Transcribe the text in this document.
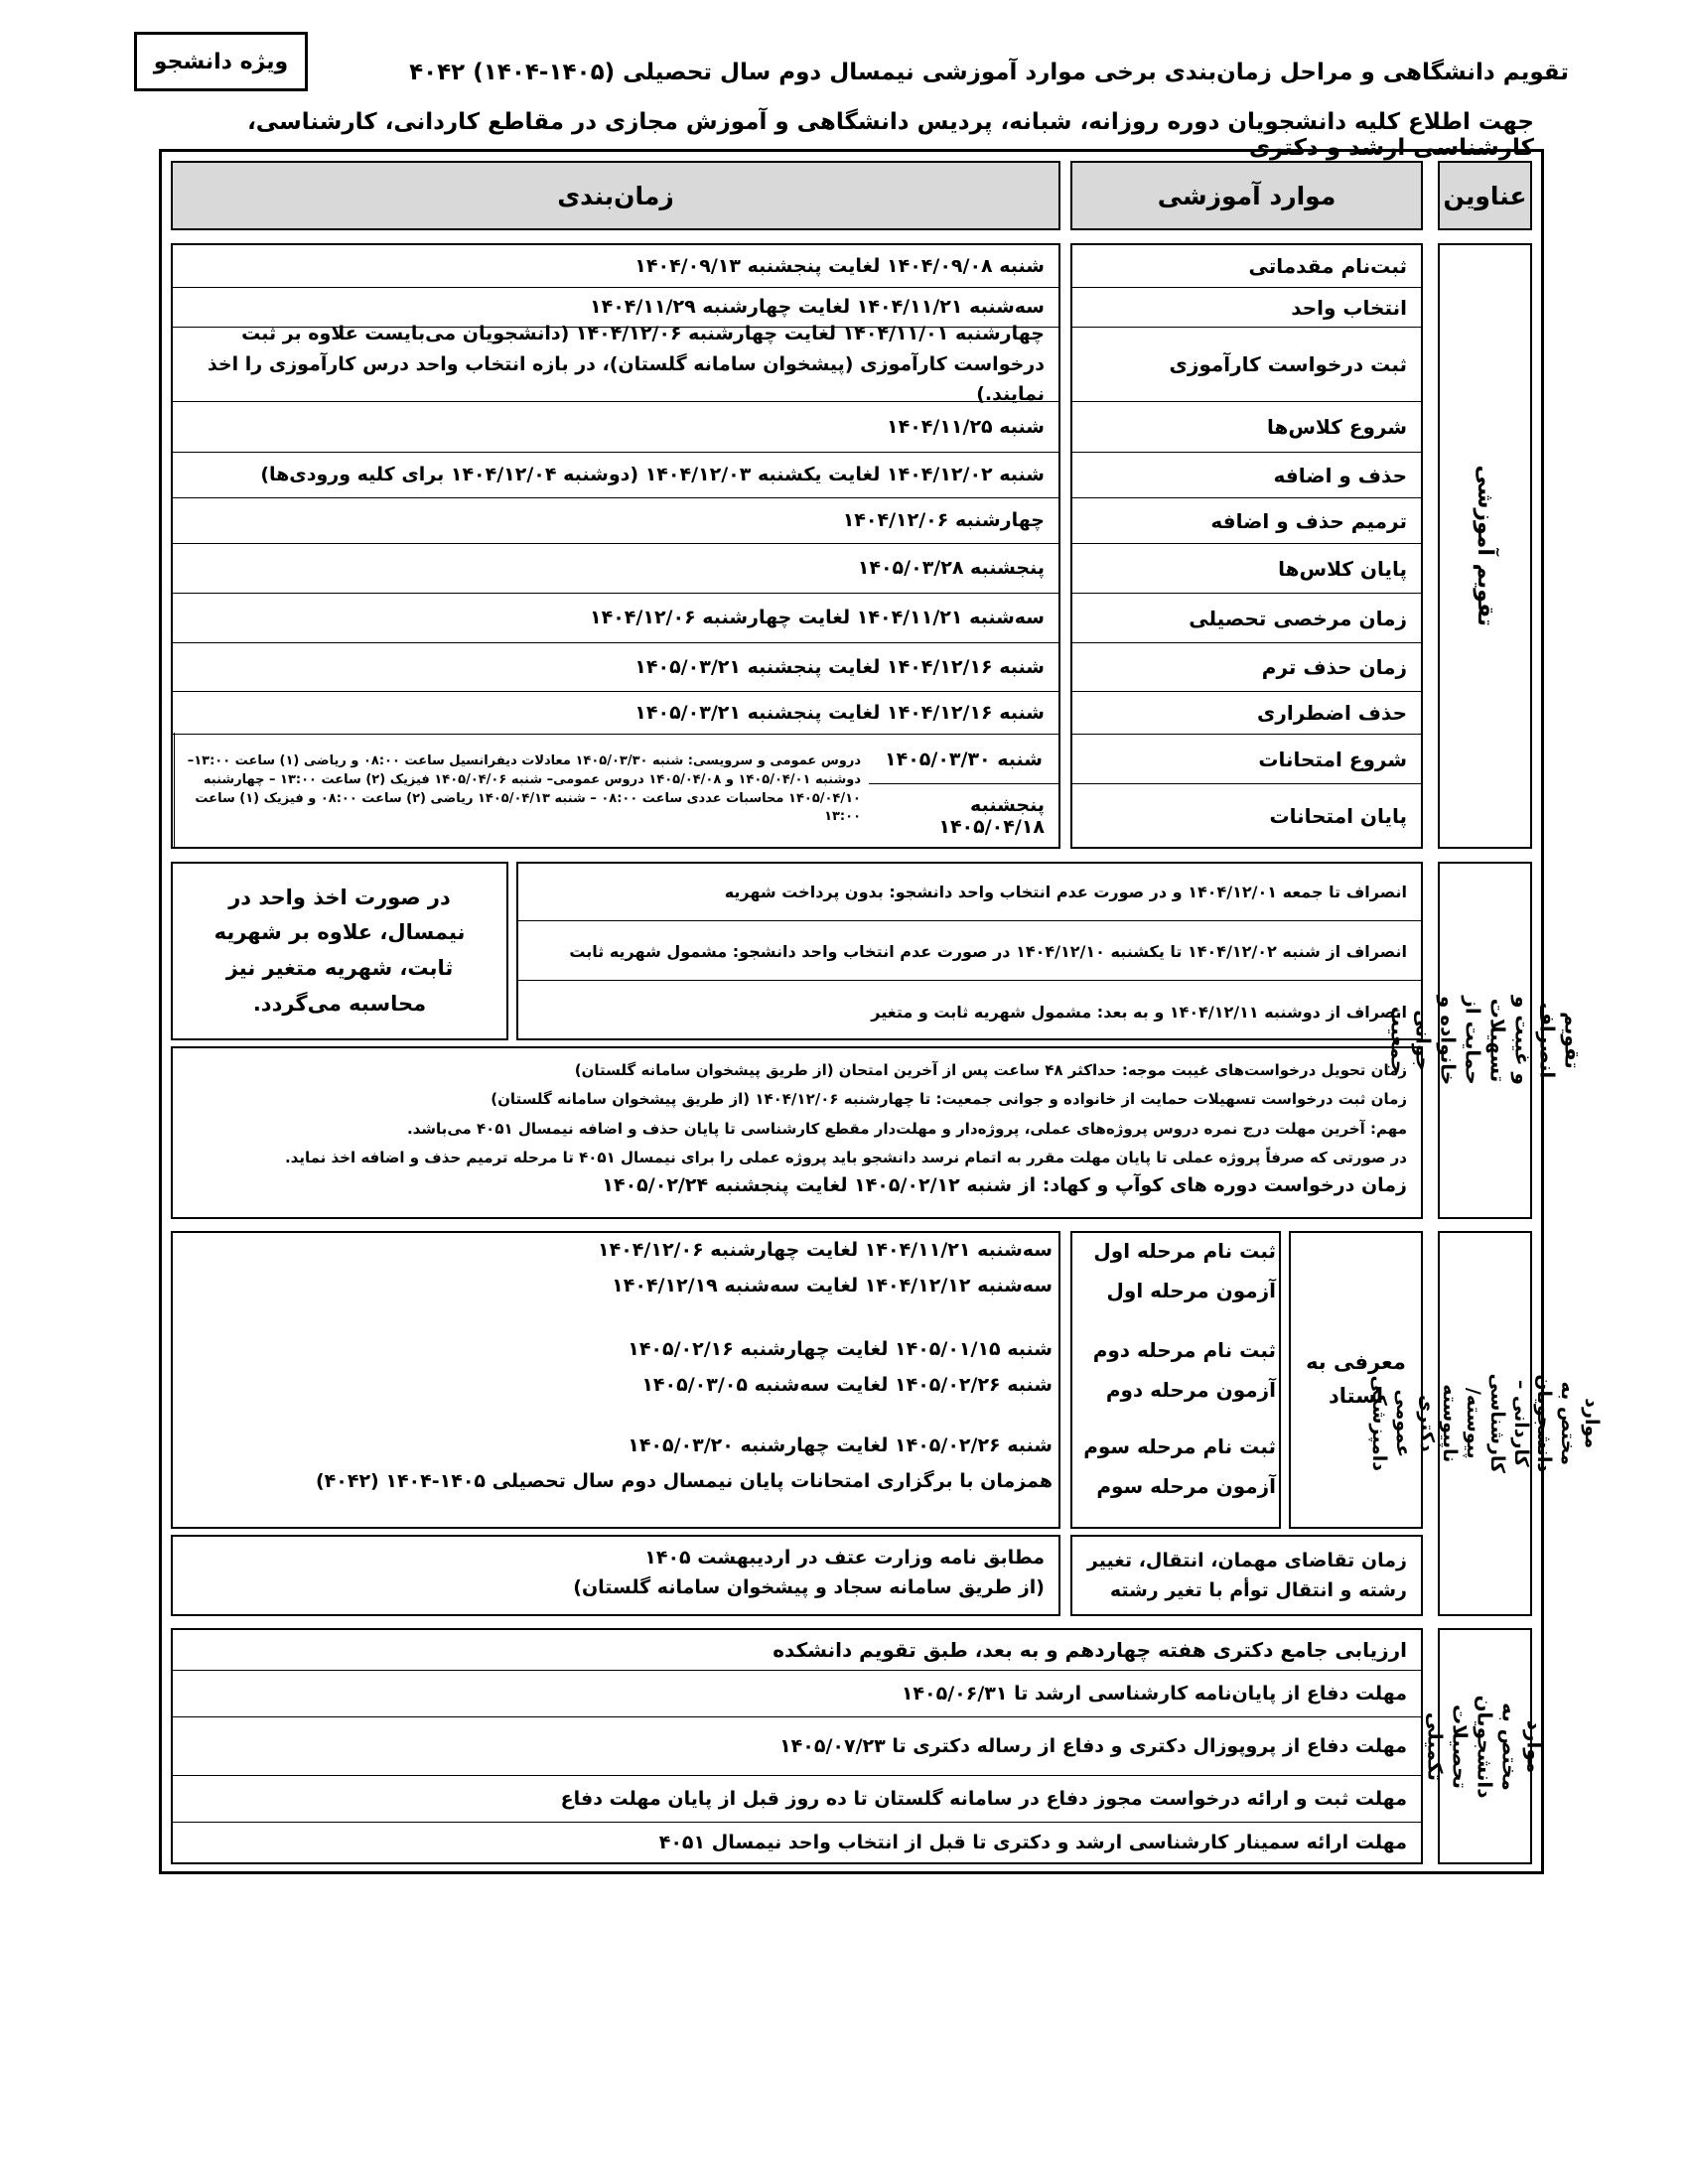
ویژه دانشجو	تقویم دانشگاهی و مراحل زمان‌بندی برخی موارد آموزشی نیمسال دوم سال تحصیلی (۱۴۰۵-۱۴۰۴) ۴۰۴۲
جهت اطلاع کلیه دانشجویان دوره روزانه، شبانه، پردیس دانشگاهی و آموزش مجازی در مقاطع کاردانی، کارشناسی، کارشناسی ارشد و دکتری
عناوین
موارد آموزشی
زمان‌بندی
تقویم آموزشی
ثبت‌نام مقدماتی
شنبه ۱۴۰۴/۰۹/۰۸ لغایت پنجشنبه ۱۴۰۴/۰۹/۱۳
انتخاب واحد
سه‌شنبه ۱۴۰۴/۱۱/۲۱ لغایت چهارشنبه ۱۴۰۴/۱۱/۲۹
ثبت درخواست کارآموزی
چهارشنبه ۱۴۰۴/۱۱/۰۱ لغایت چهارشنبه ۱۴۰۴/۱۲/۰۶ (دانشجویان می‌بایست علاوه بر ثبت درخواست کارآموزی (پیشخوان سامانه گلستان)، در بازه انتخاب واحد درس کارآموزی را اخذ نمایند.)
شروع کلاس‌ها
شنبه ۱۴۰۴/۱۱/۲۵
حذف و اضافه
شنبه ۱۴۰۴/۱۲/۰۲ لغایت یکشنبه ۱۴۰۴/۱۲/۰۳ (دوشنبه ۱۴۰۴/۱۲/۰۴ برای کلیه ورودی‌ها)
ترمیم حذف و اضافه
چهارشنبه ۱۴۰۴/۱۲/۰۶
پایان کلاس‌ها
پنجشنبه ۱۴۰۵/۰۳/۲۸
زمان مرخصی تحصیلی
سه‌شنبه ۱۴۰۴/۱۱/۲۱ لغایت چهارشنبه ۱۴۰۴/۱۲/۰۶
زمان حذف ترم
شنبه ۱۴۰۴/۱۲/۱۶ لغایت پنجشنبه ۱۴۰۵/۰۳/۲۱
حذف اضطراری
شنبه ۱۴۰۴/۱۲/۱۶ لغایت پنجشنبه ۱۴۰۵/۰۳/۲۱
شروع امتحانات
شنبه ۱۴۰۵/۰۳/۳۰
پایان امتحانات
پنجشنبه ۱۴۰۵/۰۴/۱۸
دروس عمومی و سرویسی: شنبه ۱۴۰۵/۰۳/۳۰ معادلات دیفرانسیل ساعت ۰۸:۰۰ و ریاضی (۱) ساعت ۱۳:۰۰– دوشنبه ۱۴۰۵/۰۴/۰۱ و ۱۴۰۵/۰۴/۰۸ دروس عمومی– شنبه ۱۴۰۵/۰۴/۰۶ فیزیک (۲) ساعت ۱۳:۰۰ – چهارشنبه ۱۴۰۵/۰۴/۱۰ محاسبات عددی ساعت ۰۸:۰۰ – شنبه ۱۴۰۵/۰۴/۱۳ ریاضی (۲) ساعت ۰۸:۰۰ و فیزیک (۱) ساعت ۱۳:۰۰
تقویم انصراف و غیبت و تسهیلات حمایت از خانواده و جوانی جمعیت
در صورت اخذ واحد در نیمسال، علاوه بر شهریه ثابت، شهریه متغیر نیز محاسبه می‌گردد.
انصراف تا جمعه ۱۴۰۴/۱۲/۰۱ و در صورت عدم انتخاب واحد دانشجو: بدون پرداخت شهریه
انصراف از شنبه ۱۴۰۴/۱۲/۰۲ تا یکشنبه ۱۴۰۴/۱۲/۱۰ در صورت عدم انتخاب واحد دانشجو: مشمول شهریه ثابت
انصراف از دوشنبه ۱۴۰۴/۱۲/۱۱ و به بعد: مشمول شهریه ثابت و متغیر
زمان تحویل درخواست‌های غیبت موجه: حداکثر ۴۸ ساعت پس از آخرین امتحان (از طریق پیشخوان سامانه گلستان)
زمان ثبت درخواست تسهیلات حمایت از خانواده و جوانی جمعیت: تا چهارشنبه ۱۴۰۴/۱۲/۰۶ (از طریق پیشخوان سامانه گلستان)
مهم: آخرین مهلت درج نمره دروس پروژه‌های عملی، پروژه‌دار و مهلت‌دار مقطع کارشناسی تا پایان حذف و اضافه نیمسال ۴۰۵۱ می‌باشد.
در صورتی که صرفاً پروژه عملی تا پایان مهلت مقرر به اتمام نرسد دانشجو باید پروژه عملی را برای نیمسال ۴۰۵۱ تا مرحله ترمیم حذف و اضافه اخذ نماید.
زمان درخواست دوره های کوآپ و کهاد: از شنبه ۱۴۰۵/۰۲/۱۲ لغایت پنجشنبه ۱۴۰۵/۰۲/۲۴
موارد مختص به دانشجویان کاردانی – کارشناسی پیوسته/ناپیوسته دکتری عمومی دامپزشکی
معرفی به استاد
ثبت نام مرحله اول
آزمون مرحله اول
سه‌شنبه ۱۴۰۴/۱۱/۲۱ لغایت چهارشنبه ۱۴۰۴/۱۲/۰۶
سه‌شنبه ۱۴۰۴/۱۲/۱۲ لغایت سه‌شنبه ۱۴۰۴/۱۲/۱۹
ثبت نام مرحله دوم
آزمون مرحله دوم
شنبه ۱۴۰۵/۰۱/۱۵ لغایت چهارشنبه ۱۴۰۵/۰۲/۱۶
شنبه ۱۴۰۵/۰۲/۲۶ لغایت سه‌شنبه ۱۴۰۵/۰۳/۰۵
ثبت نام مرحله سوم
آزمون مرحله سوم
شنبه ۱۴۰۵/۰۲/۲۶ لغایت چهارشنبه ۱۴۰۵/۰۳/۲۰
همزمان با برگزاری امتحانات پایان نیمسال دوم سال تحصیلی ۱۴۰۵-۱۴۰۴ (۴۰۴۲)
زمان تقاضای مهمان، انتقال، تغییر رشته و انتقال توأم با تغیر رشته
مطابق نامه وزارت عتف در اردیبهشت ۱۴۰۵
(از طریق سامانه سجاد و پیشخوان سامانه گلستان)
موارد مختص به دانشجویان تحصیلات تکمیلی
ارزیابی جامع دکتری هفته چهاردهم و به بعد، طبق تقویم دانشکده
مهلت دفاع از پایان‌نامه کارشناسی ارشد تا ۱۴۰۵/۰۶/۳۱
مهلت دفاع از پروپوزال دکتری و دفاع از رساله دکتری تا ۱۴۰۵/۰۷/۲۳
مهلت ثبت و ارائه درخواست مجوز دفاع در سامانه گلستان تا ده روز قبل از پایان مهلت دفاع
مهلت ارائه سمینار کارشناسی ارشد و دکتری تا قبل از انتخاب واحد نیمسال ۴۰۵۱
